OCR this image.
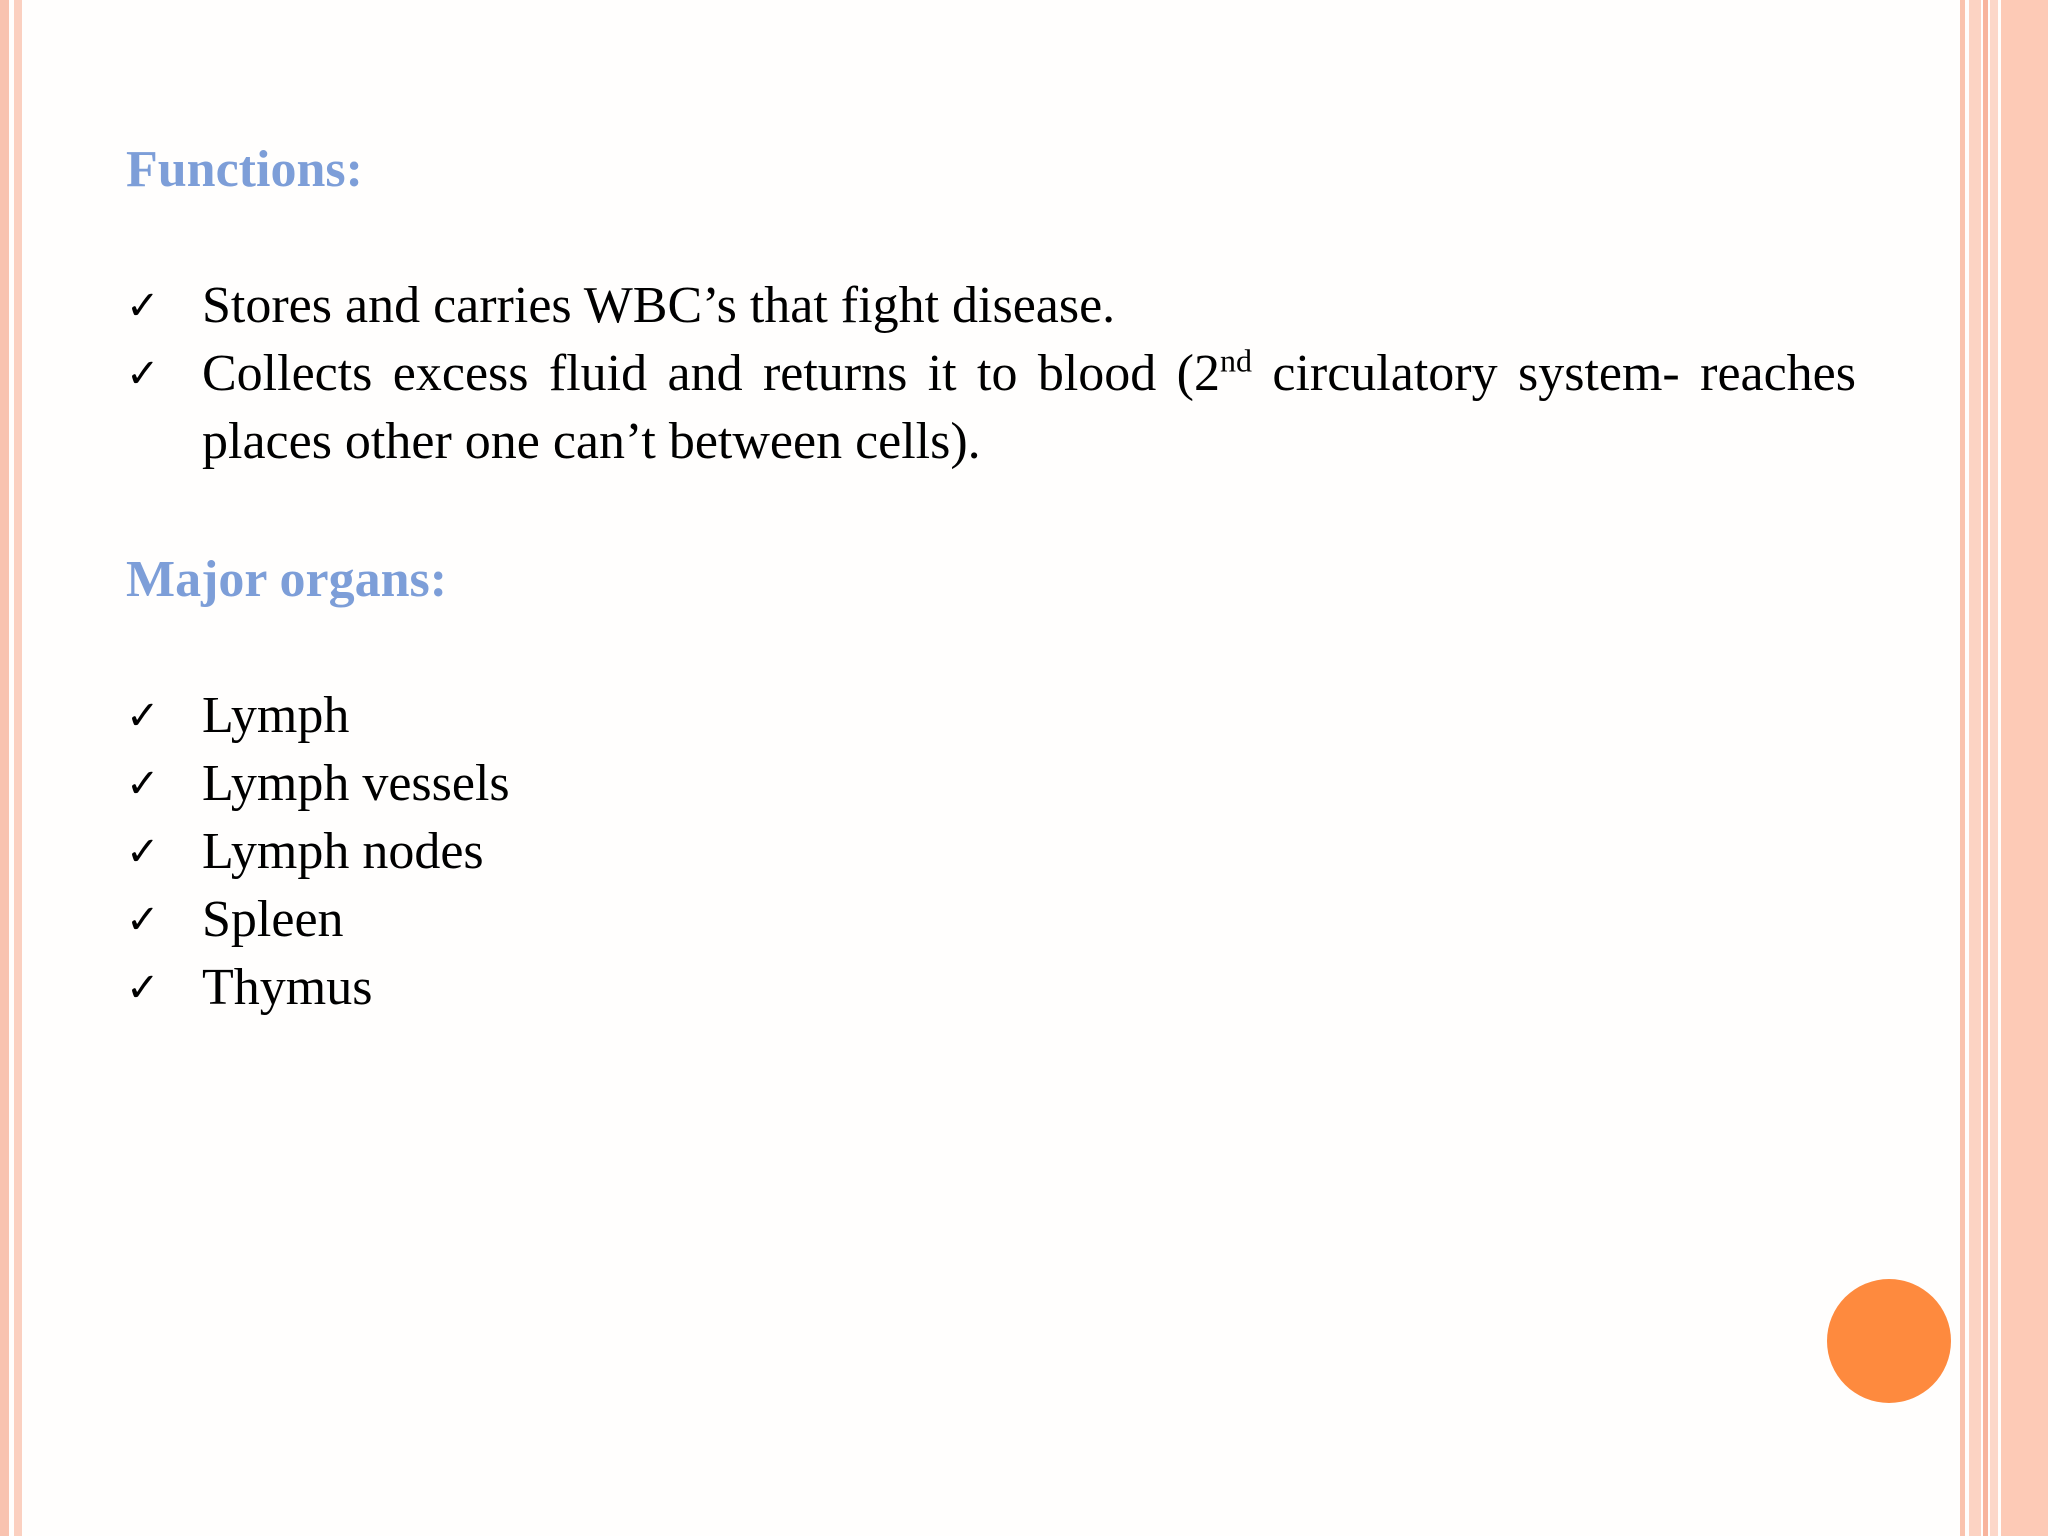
Functions:
✓ Stores and carries WBC’s that fight disease.
✓ Collects excess fluid and returns it to blood (2nd circulatory system- reaches places other one can’t between cells).
Major organs:
✓ Lymph
✓ Lymph vessels
✓ Lymph nodes
✓ Spleen
✓ Thymus
